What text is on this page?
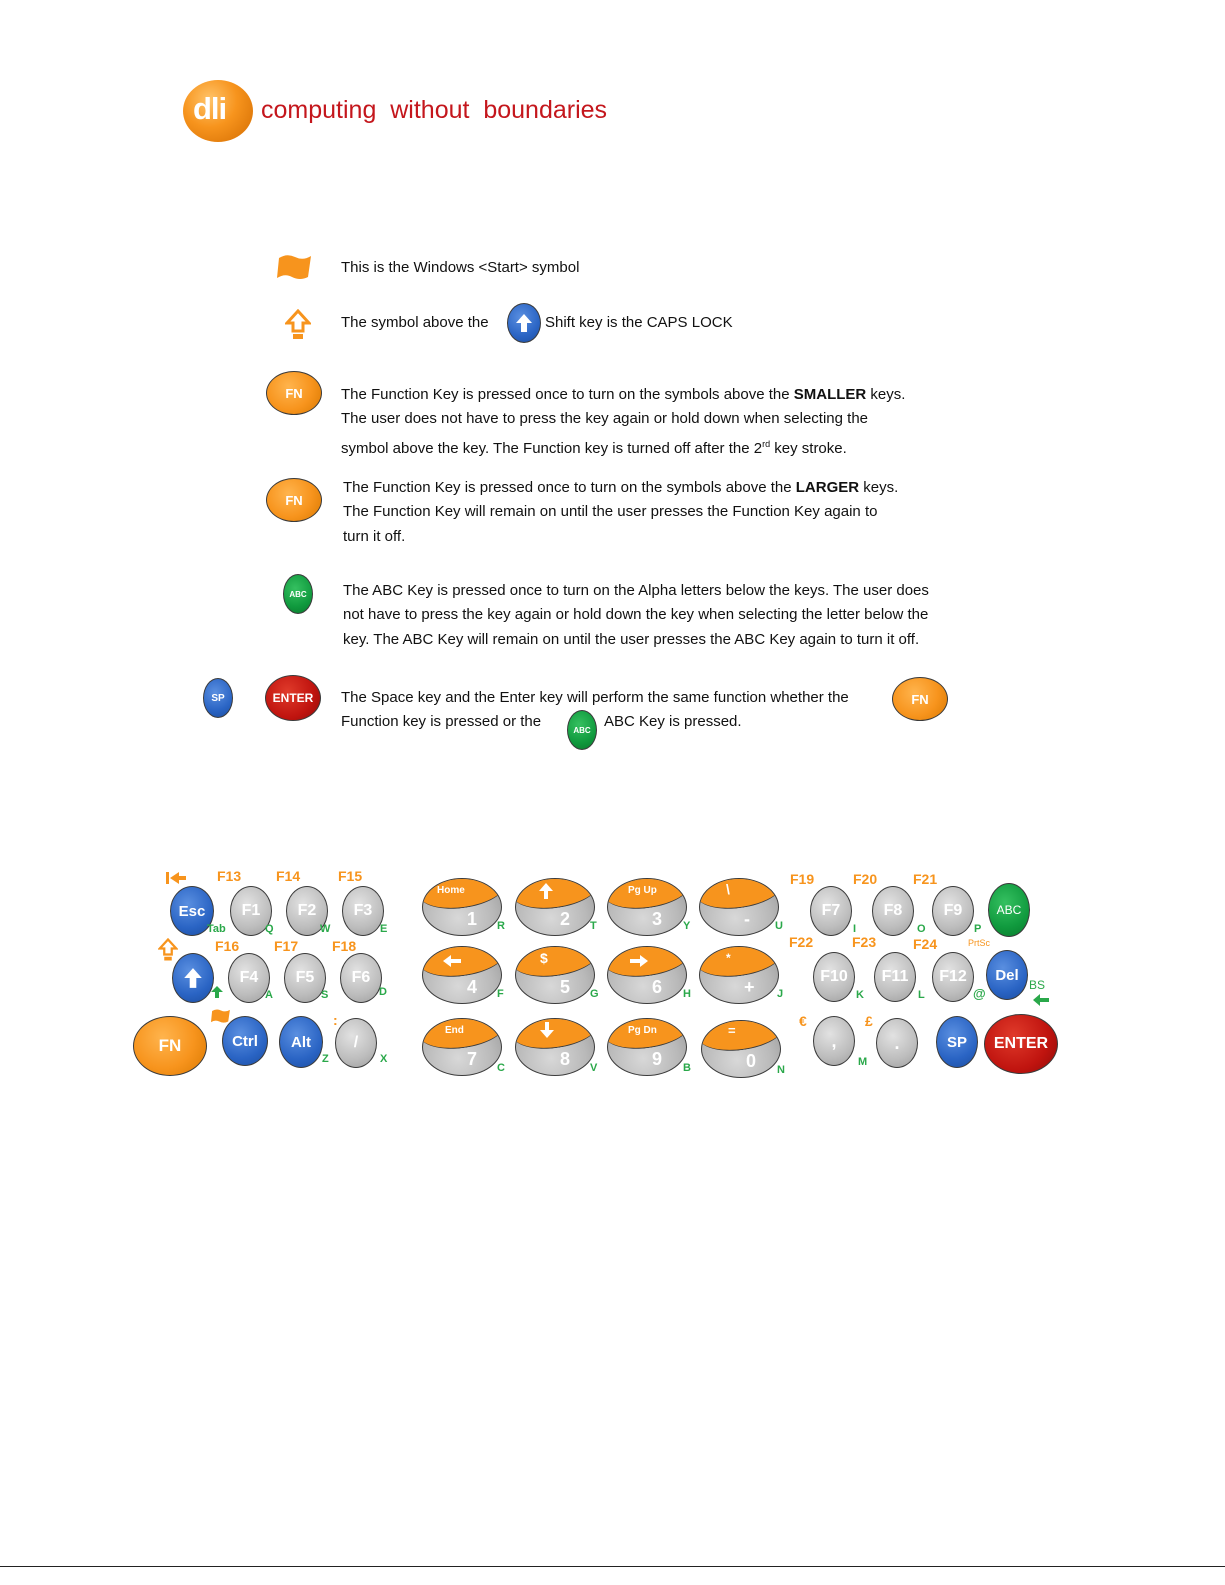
dli computing  without  boundaries
This is the Windows <Start> symbol
The symbol above the	Shift key is the CAPS LOCK
FN	The Function Key is pressed once to turn on the symbols above the SMALLER keys.
The user does not have to press the key again or hold down when selecting the
symbol above the key. The Function key is turned off after the 2rd key stroke.
FN
The Function Key is pressed once to turn on the symbols above the LARGER keys.
The Function Key will remain on until the user presses the Function Key again to
turn it off.
ABC The ABC Key is pressed once to turn on the Alpha letters below the keys. The user does
not have to press the key again or hold down the key when selecting the letter below the
key. The ABC Key will remain on until the user presses the ABC Key again to turn it off.
SP	ENTER The Space key and the Enter key will perform the same function whether the	FN
Function key is pressed or the	ABC ABC Key is pressed.
F13 F14	F15
Esc F1 F2 F3
Tab	Q	W	E
F16 F17 F18
F4 F5 F6
A	S	D
FN	Ctrl Alt
:
/
Z	X
Home
1 R	2 T
Pg Up
3 Y
\
- U
4 F
$
5 G	6 H
*
+ J
End
7 C	8 V
Pg Dn
9 B
=
0 N
F19	F20	F21
F7	F8	F9	ABC
I	O	P
F22	F23	F24	PrtSc
F10 F11 F12 Del
K	L	@
BS
€
,
M
£
.	SP ENTER
